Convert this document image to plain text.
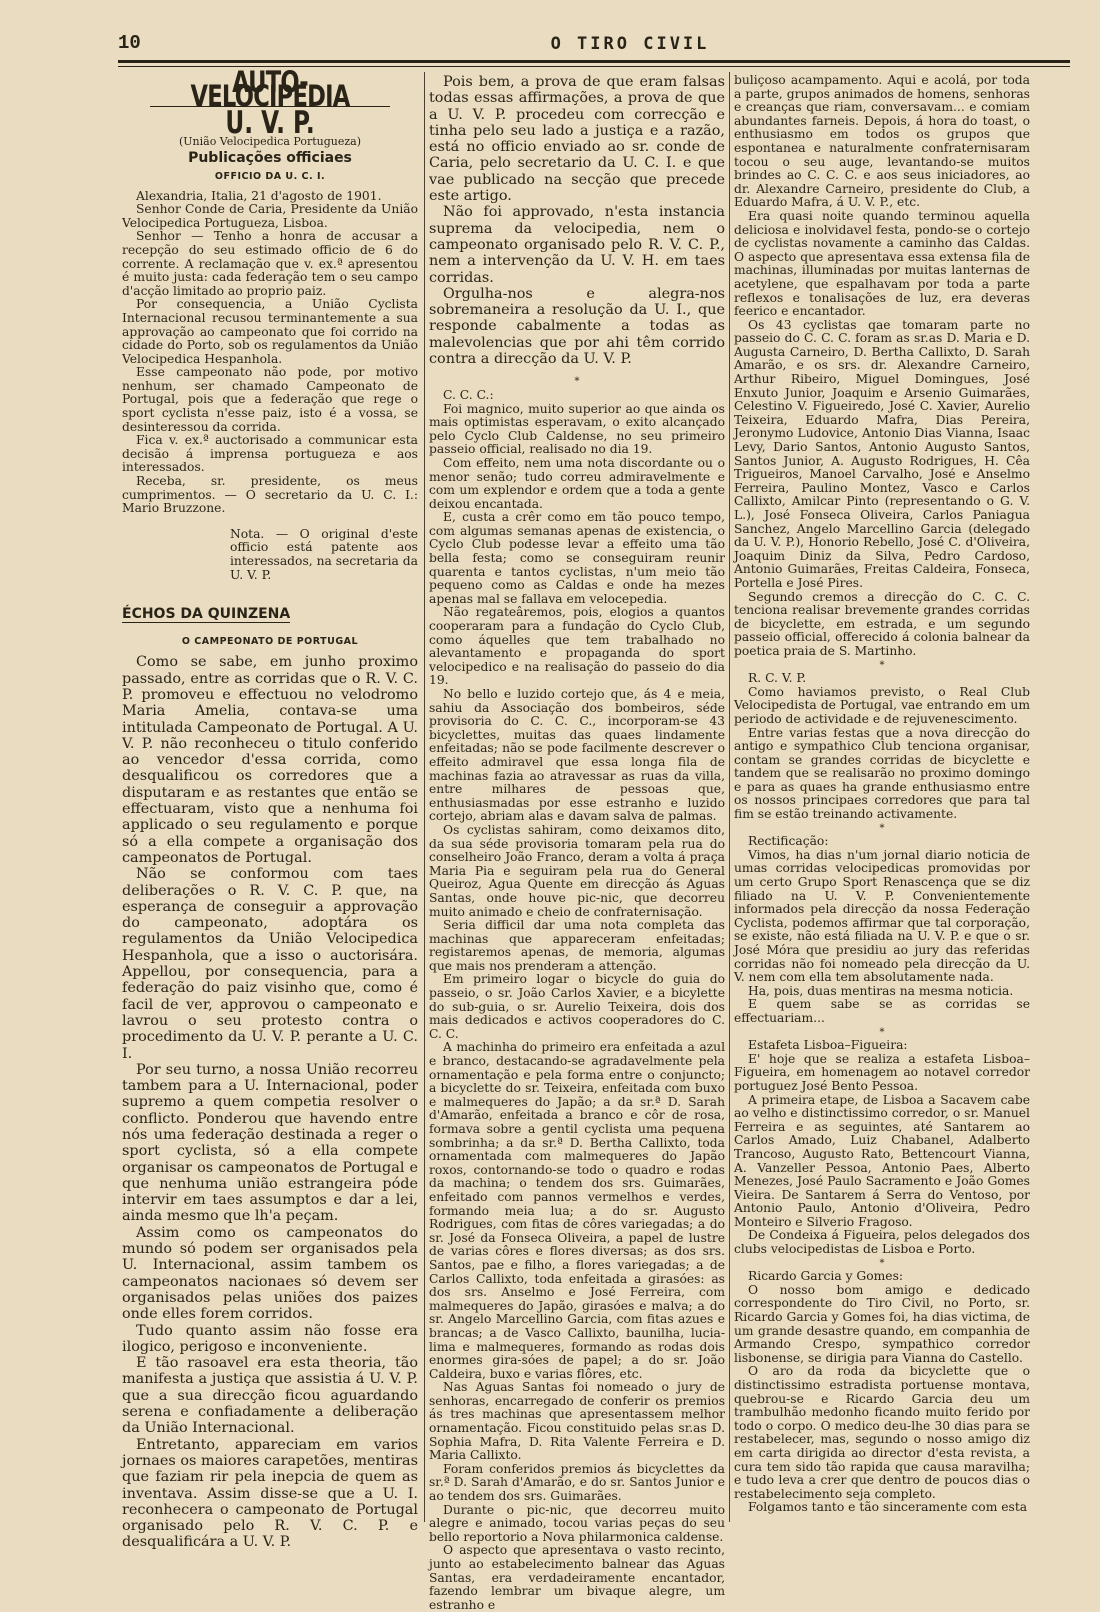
10	O TIRO CIVIL
AUTO-VELOCIPEDIA
U. V. P.
(União Velocipedica Portugueza)
Publicações officiaes
OFFICIO DA U. C. I.

Alexandria, Italia, 21 d'agosto de 1901.

Senhor Conde de Caria, Presidente da União Velocipedica Portugueza, Lisboa.

Senhor — Tenho a honra de accusar a recepção do seu estimado officio de 6 do corrente. A reclamação que v. ex.ª apresentou é muito justa: cada federação tem o seu campo d'acção limitado ao proprio paiz.

Por consequencia, a União Cyclista Internacional recusou terminantemente a sua approvação ao campeonato que foi corrido na cidade do Porto, sob os regulamentos da União Velocipedica Hespanhola.

Esse campeonato não pode, por motivo nenhum, ser chamado Campeonato de Portugal, pois que a federação que rege o sport cyclista n'esse paiz, isto é a vossa, se desinteressou da corrida.

Fica v. ex.ª auctorisado a communicar esta decisão á imprensa portugueza e aos interessados.

Receba, sr. presidente, os meus cumprimentos. — O secretario da U. C. I.: Mario Bruzzone.

Nota. — O original d'este officio está patente aos interessados, na secretaria da U. V. P.

ÉCHOS DA QUINZENA
O CAMPEONATO DE PORTUGAL

Como se sabe, em junho proximo passado, entre as corridas que o R. V. C. P. promoveu e effectuou no velodromo Maria Amelia, contava-se uma intitulada Campeonato de Portugal. A U. V. P. não reconheceu o titulo conferido ao vencedor d'essa corrida, como desqualificou os corredores que a disputaram e as restantes que então se effectuaram, visto que a nenhuma foi applicado o seu regulamento e porque só a ella compete a organisação dos campeonatos de Portugal.

Não se conformou com taes deliberações o R. V. C. P. que, na esperança de conseguir a approvação do campeonato, adoptára os regulamentos da União Velocipedica Hespanhola, que a isso o auctorisára. Appellou, por consequencia, para a federação do paiz visinho que, como é facil de ver, approvou o campeonato e lavrou o seu protesto contra o procedimento da U. V. P. perante a U. C. I.

Por seu turno, a nossa União recorreu tambem para a U. Internacional, poder supremo a quem competia resolver o conflicto. Ponderou que havendo entre nós uma federação destinada a reger o sport cyclista, só a ella compete organisar os campeonatos de Portugal e que nenhuma união estrangeira póde intervir em taes assumptos e dar a lei, ainda mesmo que lh'a peçam.

Assim como os campeonatos do mundo só podem ser organisados pela U. Internacional, assim tambem os campeonatos nacionaes só devem ser organisados pelas uniões dos paizes onde elles forem corridos.

Tudo quanto assim não fosse era ilogico, perigoso e inconveniente.

E tão rasoavel era esta theoria, tão manifesta a justiça que assistia á U. V. P. que a sua direcção ficou aguardando serena e confiadamente a deliberação da União Internacional.

Entretanto, appareciam em varios jornaes os maiores carapetões, mentiras que faziam rir pela inepcia de quem as inventava. Assim disse-se que a U. I. reconhecera o campeonato de Portugal organisado pelo R. V. C. P. e desqualificára a U. V. P.

Pois bem, a prova de que eram falsas todas essas affirmações, a prova de que a U. V. P. procedeu com correcção e tinha pelo seu lado a justiça e a razão, está no officio enviado ao sr. conde de Caria, pelo secretario da U. C. I. e que vae publicado na secção que precede este artigo.

Não foi approvado, n'esta instancia suprema da velocipedia, nem o campeonato organisado pelo R. V. C. P., nem a intervenção da U. V. H. em taes corridas.

Orgulha-nos e alegra-nos sobremaneira a resolução da U. I., que responde cabalmente a todas as malevolencias que por ahi têm corrido contra a direcção da U. V. P.

*

C. C. C.:

Foi magnico, muito superior ao que ainda os mais optimistas esperavam, o exito alcançado pelo Cyclo Club Caldense, no seu primeiro passeio official, realisado no dia 19.

Com effeito, nem uma nota discordante ou o menor senão; tudo correu admiravelmente e com um explendor e ordem que a toda a gente deixou encantada.

E, custa a crêr como em tão pouco tempo, com algumas semanas apenas de existencia, o Cyclo Club podesse levar a effeito uma tão bella festa; como se conseguiram reunir quarenta e tantos cyclistas, n'um meio tão pequeno como as Caldas e onde ha mezes apenas mal se fallava em velocepedia.

Não regateâremos, pois, elogios a quantos cooperaram para a fundação do Cyclo Club, como áquelles que tem trabalhado no alevantamento e propaganda do sport velocipedico e na realisação do passeio do dia 19.

No bello e luzido cortejo que, ás 4 e meia, sahiu da Associação dos bombeiros, séde provisoria do C. C. C., incorporam-se 43 bicyclettes, muitas das quaes lindamente enfeitadas; não se pode facilmente descrever o effeito admiravel que essa longa fila de machinas fazia ao atravessar as ruas da villa, entre milhares de pessoas que, enthusiasmadas por esse estranho e luzido cortejo, abriam alas e davam salva de palmas.

Os cyclistas sahiram, como deixamos dito, da sua séde provisoria tomaram pela rua do conselheiro João Franco, deram a volta á praça Maria Pia e seguiram pela rua do General Queiroz, Agua Quente em direcção ás Aguas Santas, onde houve pic-nic, que decorreu muito animado e cheio de confraternisação.

Seria difficil dar uma nota completa das machinas que appareceram enfeitadas; registaremos apenas, de memoria, algumas que mais nos prenderam a attenção.

Em primeiro logar o bicycle do guia do passeio, o sr. João Carlos Xavier, e a bicylette do sub-guia, o sr. Aurelio Teixeira, dois dos mais dedicados e activos cooperadores do C. C. C.

A machinha do primeiro era enfeitada a azul e branco, destacando-se agradavelmente pela ornamentação e pela forma entre o conjuncto; a bicyclette do sr. Teixeira, enfeitada com buxo e malmequeres do Japão; a da sr.ª D. Sarah d'Amarão, enfeitada a branco e côr de rosa, formava sobre a gentil cyclista uma pequena sombrinha; a da sr.ª D. Bertha Callixto, toda ornamentada com malmequeres do Japão roxos, contornando-se todo o quadro e rodas da machina; o tendem dos srs. Guimarães, enfeitado com pannos vermelhos e verdes, formando meia lua; a do sr. Augusto Rodrigues, com fitas de côres variegadas; a do sr. José da Fonseca Oliveira, a papel de lustre de varias côres e flores diversas; as dos srs. Santos, pae e filho, a flores variegadas; a de Carlos Callixto, toda enfeitada a girasóes: as dos srs. Anselmo e José Ferreira, com malmequeres do Japão, girasóes e malva; a do sr. Angelo Marcellino Garcia, com fitas azues e brancas; a de Vasco Callixto, baunilha, lucia-lima e malmequeres, formando as rodas dois enormes gira-sóes de papel; a do sr. João Caldeira, buxo e varias flôres, etc.

Nas Aguas Santas foi nomeado o jury de senhoras, encarregado de conferir os premios ás tres machinas que apresentassem melhor ornamentação. Ficou constituido pelas sr.as D. Sophia Mafra, D. Rita Valente Ferreira e D. Maria Callixto.

Foram conferidos premios ás bicyclettes da sr.ª D. Sarah d'Amarão, e do sr. Santos Junior e ao tendem dos srs. Guimarães.

Durante o pic-nic, que decorreu muito alegre e animado, tocou varias peças do seu bello reportorio a Nova philarmonica caldense.

O aspecto que apresentava o vasto recinto, junto ao estabelecimento balnear das Aguas Santas, era verdadeiramente encantador, fazendo lembrar um bivaque alegre, um estranho e

buliçoso acampamento. Aqui e acolá, por toda a parte, grupos animados de homens, senhoras e creanças que riam, conversavam... e comiam abundantes farneis. Depois, á hora do toast, o enthusiasmo em todos os grupos que espontanea e naturalmente confraternisaram tocou o seu auge, levantando-se muitos brindes ao C. C. C. e aos seus iniciadores, ao dr. Alexandre Carneiro, presidente do Club, a Eduardo Mafra, á U. V. P., etc.

Era quasi noite quando terminou aquella deliciosa e inolvidavel festa, pondo-se o cortejo de cyclistas novamente a caminho das Caldas. O aspecto que apresentava essa extensa fila de machinas, illuminadas por muitas lanternas de acetylene, que espalhavam por toda a parte reflexos e tonalisações de luz, era deveras feerico e encantador.

Os 43 cyclistas qae tomaram parte no passeio do C. C. C. foram as sr.as D. Maria e D. Augusta Carneiro, D. Bertha Callixto, D. Sarah Amarão, e os srs. dr. Alexandre Carneiro, Arthur Ribeiro, Miguel Domingues, José Enxuto Junior, Joaquim e Arsenio Guimarães, Celestino V. Figueiredo, José C. Xavier, Aurelio Teixeira, Eduardo Mafra, Dias Pereira, Jeronymo Ludovice, Antonio Dias Vianna, Isaac Levy, Dario Santos, Antonio Augusto Santos, Santos Junior, A. Augusto Rodrigues, H. Cêa Trigueiros, Manoel Carvalho, José e Anselmo Ferreira, Paulino Montez, Vasco e Carlos Callixto, Amilcar Pinto (representando o G. V. L.), José Fonseca Oliveira, Carlos Paniagua Sanchez, Angelo Marcellino Garcia (delegado da U. V. P.), Honorio Rebello, José C. d'Oliveira, Joaquim Diniz da Silva, Pedro Cardoso, Antonio Guimarães, Freitas Caldeira, Fonseca, Portella e José Pires.

Segundo cremos a direcção do C. C. C. tenciona realisar brevemente grandes corridas de bicyclette, em estrada, e um segundo passeio official, offerecido á colonia balnear da poetica praia de S. Martinho.

*

R. C. V. P.

Como haviamos previsto, o Real Club Velocipedista de Portugal, vae entrando em um periodo de actividade e de rejuvenescimento.

Entre varias festas que a nova direcção do antigo e sympathico Club tenciona organisar, contam se grandes corridas de bicyclette e tandem que se realisarão no proximo domingo e para as quaes ha grande enthusiasmo entre os nossos principaes corredores que para tal fim se estão treinando activamente.

*

Rectificação:

Vimos, ha dias n'um jornal diario noticia de umas corridas velocipedicas promovidas por um certo Grupo Sport Renascença que se diz filiado na U. V. P. Convenientemente informados pela direcção da nossa Federação Cyclista, podemos affirmar que tal corporação, se existe, não está filiada na U. V. P. e que o sr. José Móra que presidiu ao jury das referidas corridas não foi nomeado pela direcção da U. V. nem com ella tem absolutamente nada.

Ha, pois, duas mentiras na mesma noticia.

E quem sabe se as corridas se effectuariam...

*

Estafeta Lisboa–Figueira:

E' hoje que se realiza a estafeta Lisboa–Figueira, em homenagem ao notavel corredor portuguez José Bento Pessoa.

A primeira etape, de Lisboa a Sacavem cabe ao velho e distinctissimo corredor, o sr. Manuel Ferreira e as seguintes, até Santarem ao Carlos Amado, Luiz Chabanel, Adalberto Trancoso, Augusto Rato, Bettencourt Vianna, A. Vanzeller Pessoa, Antonio Paes, Alberto Menezes, José Paulo Sacramento e João Gomes Vieira. De Santarem á Serra do Ventoso, por Antonio Paulo, Antonio d'Oliveira, Pedro Monteiro e Silverio Fragoso.

De Condeixa á Figueira, pelos delegados dos clubs velocipedistas de Lisboa e Porto.

*

Ricardo Garcia y Gomes:

O nosso bom amigo e dedicado correspondente do Tiro Civil, no Porto, sr. Ricardo Garcia y Gomes foi, ha dias victima, de um grande desastre quando, em companhia de Armando Crespo, sympathico corredor lisbonense, se dirigia para Vianna do Castello.

O aro da roda da bicyclette que o distinctissimo estradista portuense montava, quebrou-se e Ricardo Garcia deu um trambulhão medonho ficando muito ferido por todo o corpo. O medico deu-lhe 30 dias para se restabelecer, mas, segundo o nosso amigo diz em carta dirigida ao director d'esta revista, a cura tem sido tão rapida que causa maravilha; e tudo leva a crer que dentro de poucos dias o restabelecimento seja completo.

Folgamos tanto e tão sinceramente com esta
